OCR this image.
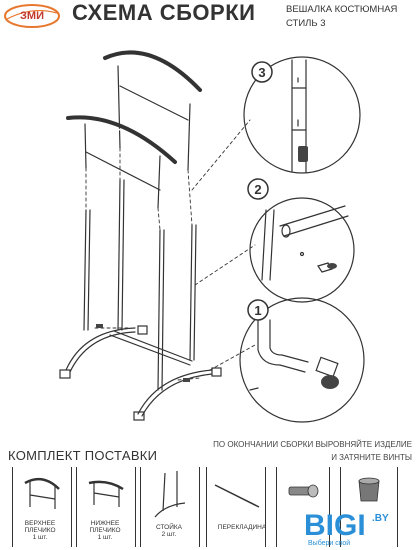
ЗМИ СХЕМА СБОРКИ	ВЕШАЛКА КОСТЮМНАЯ
СТИЛЬ 3
3
2
1
КОМПЛЕКТ ПОСТАВКИ
ПО ОКОНЧАНИИ СБОРКИ ВЫРОВНЯЙТЕ ИЗДЕЛИЕ
И ЗАТЯНИТЕ ВИНТЫ
ВЕРХНЕЕ
ПЛЕЧИКО
1 шт.
НИЖНЕЕ
ПЛЕЧИКО
1 шт.
СТОЙКА
2 шт.
ПЕРЕКЛАДИНА BIGI .BY
Выбери свой
